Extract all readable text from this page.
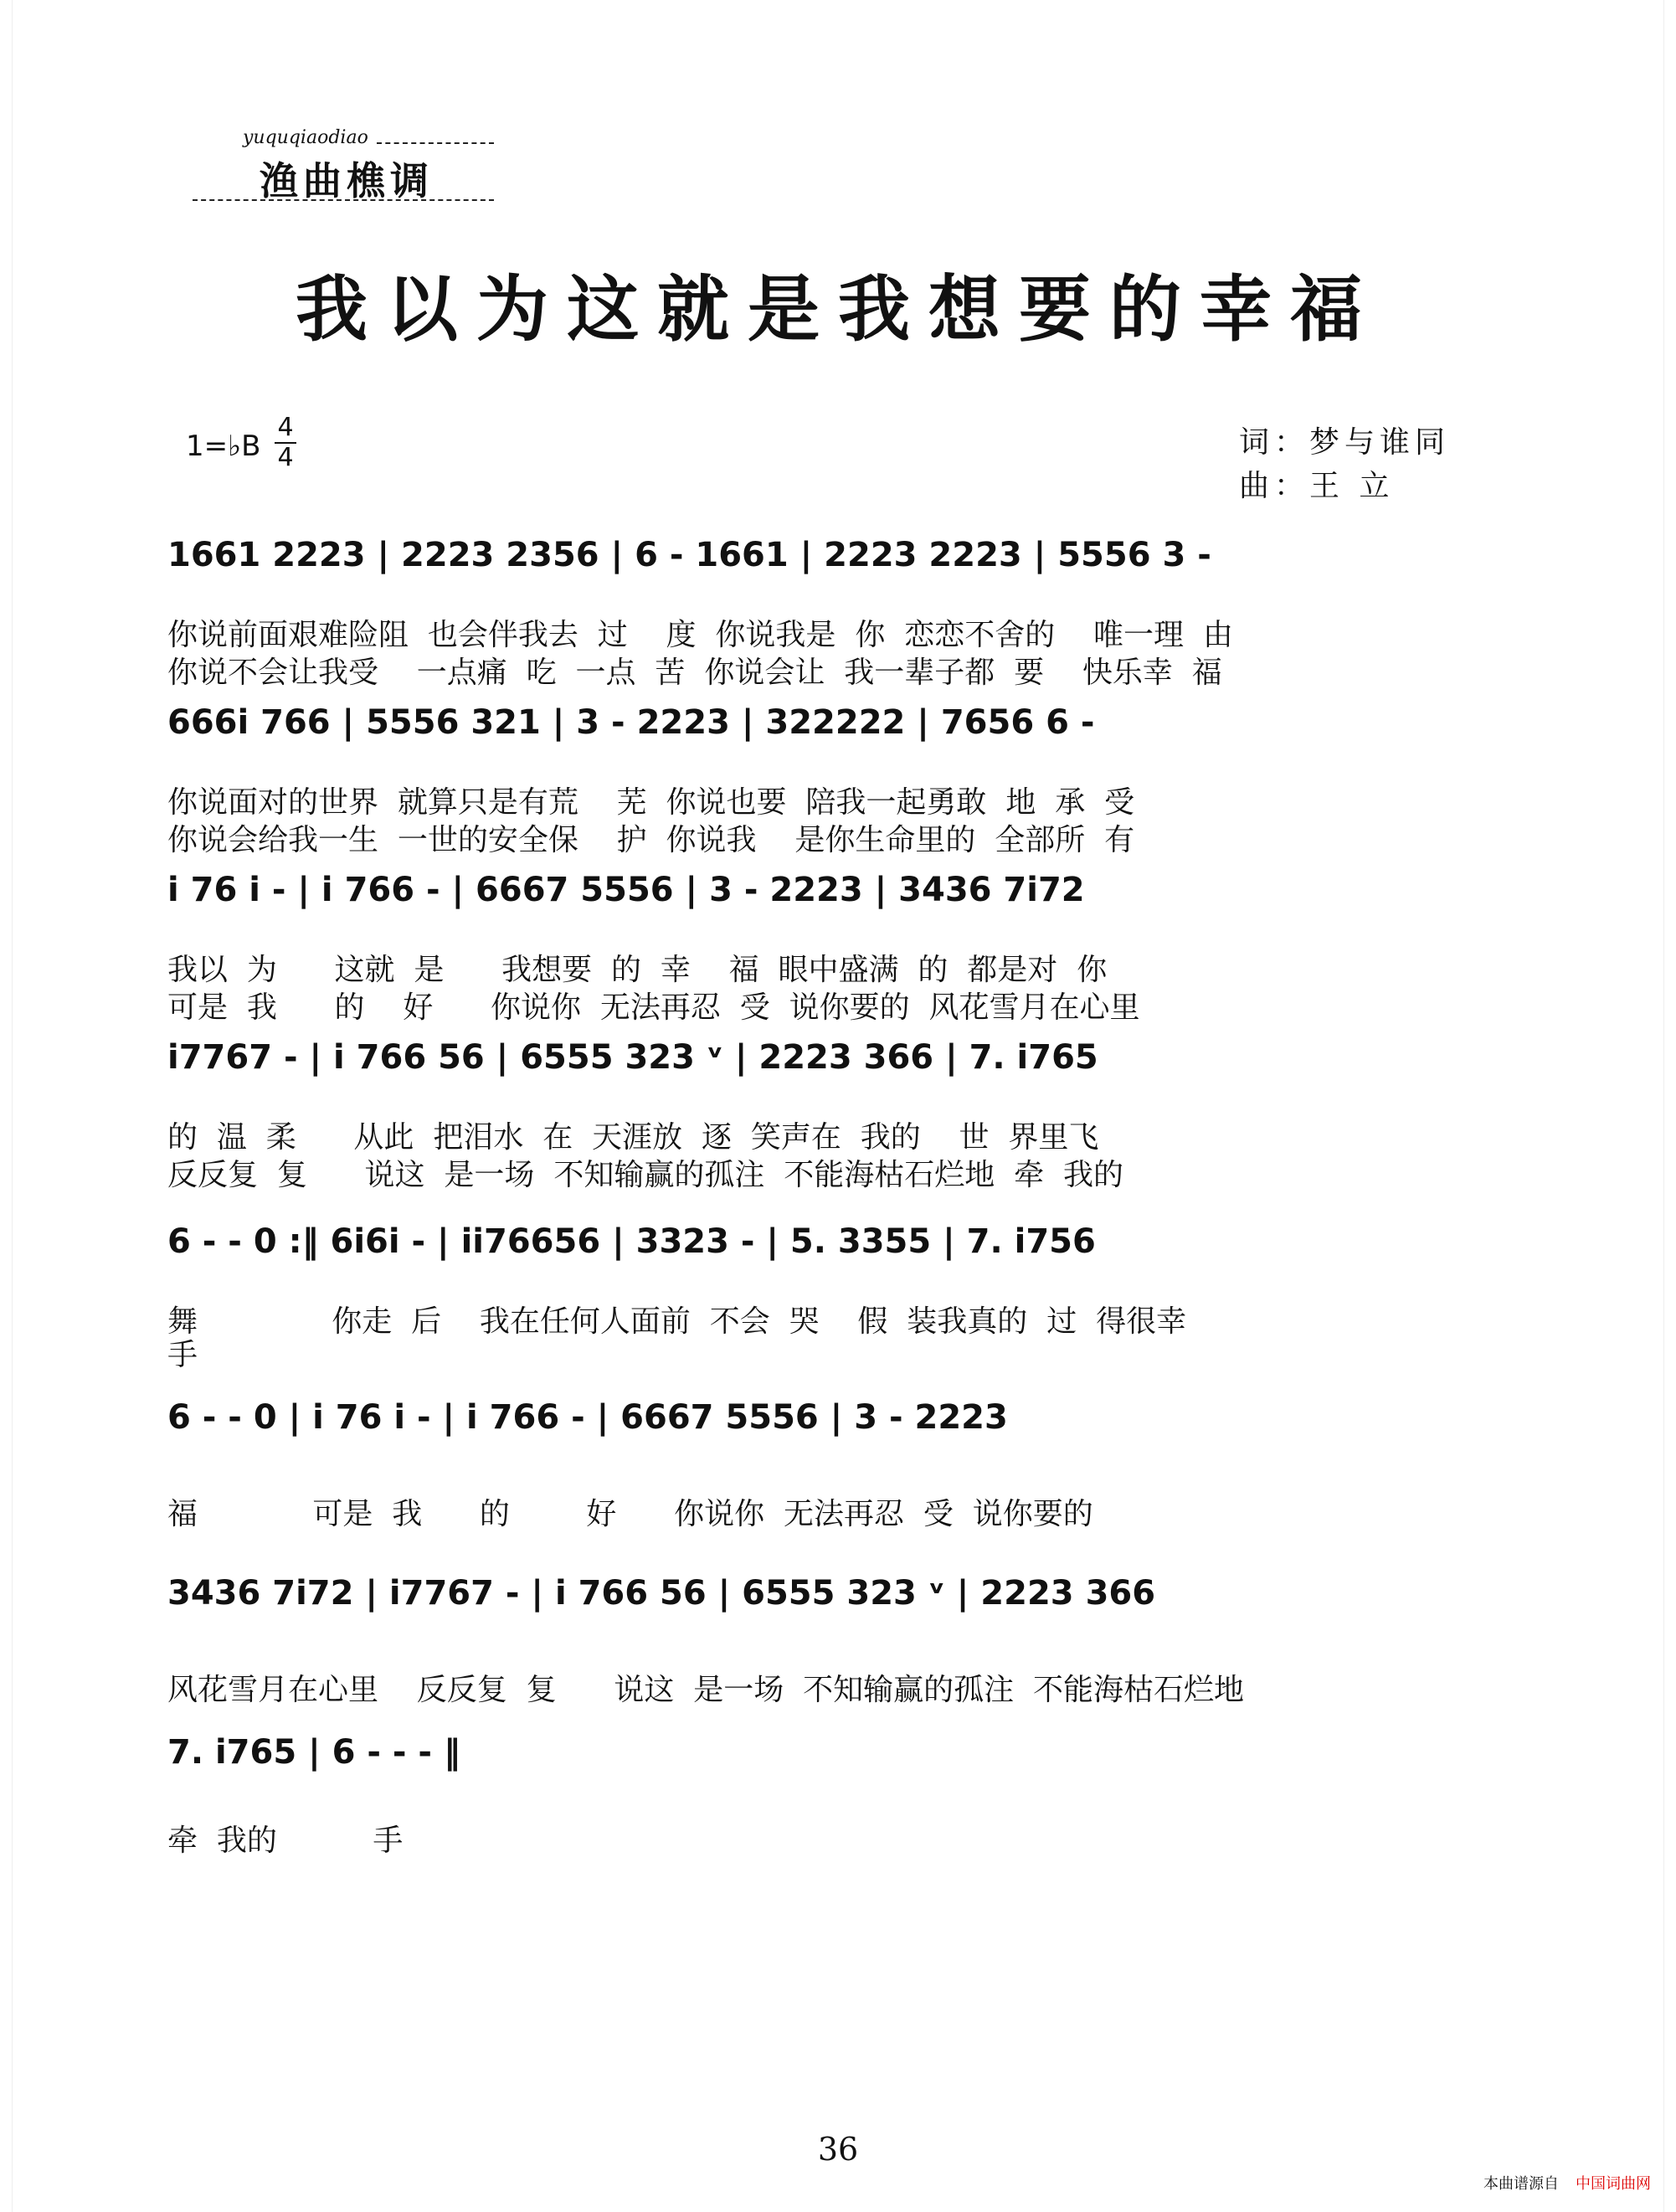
yuquqiaodiao
渔曲樵调
我以为这就是我想要的幸福
1=♭B
4
4	词：梦与谁同
曲：王 立
1661 2223 | 2223 2356 | 6 - 1661 | 2223 2223 | 5556 3 -
你说前面艰难险阻  也会伴我去  过    度  你说我是  你  恋恋不舍的    唯一理  由
你说不会让我受    一点痛  吃  一点  苦  你说会让  我一辈子都  要    快乐幸  福
666i 766 | 5556 321 | 3 - 2223 | 322222 | 7656 6 -
你说面对的世界  就算只是有荒    芜  你说也要  陪我一起勇敢  地  承  受
你说会给我一生  一世的安全保    护  你说我    是你生命里的  全部所  有
i 76 i - | i 766 - | 6667 5556 | 3 - 2223 | 3436 7i72
我以  为      这就  是      我想要  的  幸    福  眼中盛满  的  都是对  你
可是  我      的    好      你说你  无法再忍  受  说你要的  风花雪月在心里
i7767 - | i 766 56 | 6555 323 ᵛ | 2223 366 | 7. i765
的  温  柔      从此  把泪水  在  天涯放  逐  笑声在  我的    世  界里飞
反反复  复      说这  是一场  不知输赢的孤注  不能海枯石烂地  牵  我的
6 - - 0 :‖ 6i6i - | ii76656 | 3323 - | 5. 3355 | 7. i756
舞              你走  后    我在任何人面前  不会  哭    假  装我真的  过  得很幸
手
6 - - 0 | i 76 i - | i 766 - | 6667 5556 | 3 - 2223
福            可是  我      的        好      你说你  无法再忍  受  说你要的
3436 7i72 | i7767 - | i 766 56 | 6555 323 ᵛ | 2223 366
风花雪月在心里    反反复  复      说这  是一场  不知输赢的孤注  不能海枯石烂地
7. i765 | 6 - - - ‖
牵  我的          手
36
本曲谱源自 中国词曲网
